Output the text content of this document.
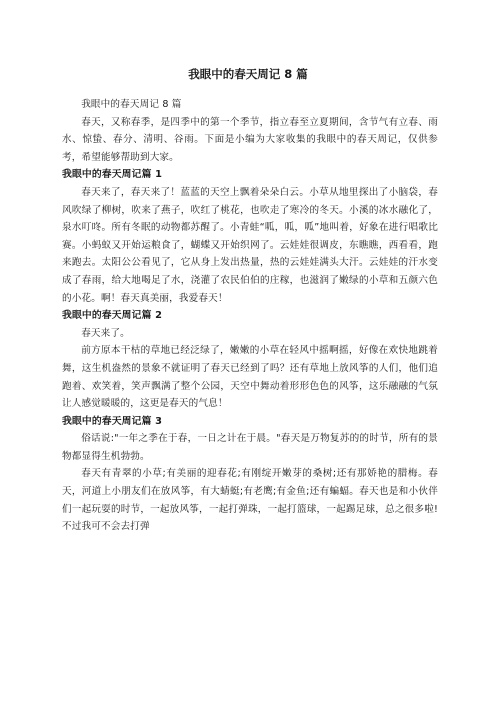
我眼中的春天周记 8 篇

我眼中的春天周记 8 篇

春天，又称春季，是四季中的第一个季节，指立春至立夏期间，含节气有立春、雨水、惊蛰、春分、清明、谷雨。下面是小编为大家收集的我眼中的春天周记，仅供参考，希望能够帮助到大家。

我眼中的春天周记篇 1

春天来了，春天来了！蓝蓝的天空上飘着朵朵白云。小草从地里探出了小脑袋，春风吹绿了柳树，吹来了燕子，吹红了桃花，也吹走了寒冷的冬天。小溪的冰水融化了，泉水叮咚。所有冬眠的动物都苏醒了。小青蛙“呱，呱，呱”地叫着，好象在进行唱歌比赛。小蚂蚁又开始运粮食了，蝴蝶又开始织网了。云娃娃很调皮，东瞧瞧，西看看，跑来跑去。太阳公公看见了，它从身上发出热量，热的云娃娃满头大汗。云娃娃的汗水变成了春雨，给大地喝足了水，浇灌了农民伯伯的庄稼，也滋润了嫩绿的小草和五颜六色的小花。啊！春天真美丽，我爱春天！

我眼中的春天周记篇 2

春天来了。

前方原本干枯的草地已经泛绿了，嫩嫩的小草在轻风中摇啊摇，好像在欢快地跳着舞，这生机盎然的景象不就证明了春天已经到了吗？还有草地上放风筝的人们，他们追跑着、欢笑着，笑声飘满了整个公园，天空中舞动着形形色色的风筝，这乐融融的气氛让人感觉暖暖的，这更是春天的气息！

我眼中的春天周记篇 3

俗话说:"一年之季在于春，一日之计在于晨。"春天是万物复苏的的时节，所有的景物都显得生机勃勃。

春天有青翠的小草;有美丽的迎春花;有刚绽开嫩芽的桑树;还有那娇艳的腊梅。春天，河道上小朋友们在放风筝，有大蜻蜓;有老鹰;有金鱼;还有蝙蝠。春天也是和小伙伴们一起玩耍的时节，一起放风筝，一起打弹珠，一起打篮球，一起踢足球，总之很多啦!不过我可不会去打弹
